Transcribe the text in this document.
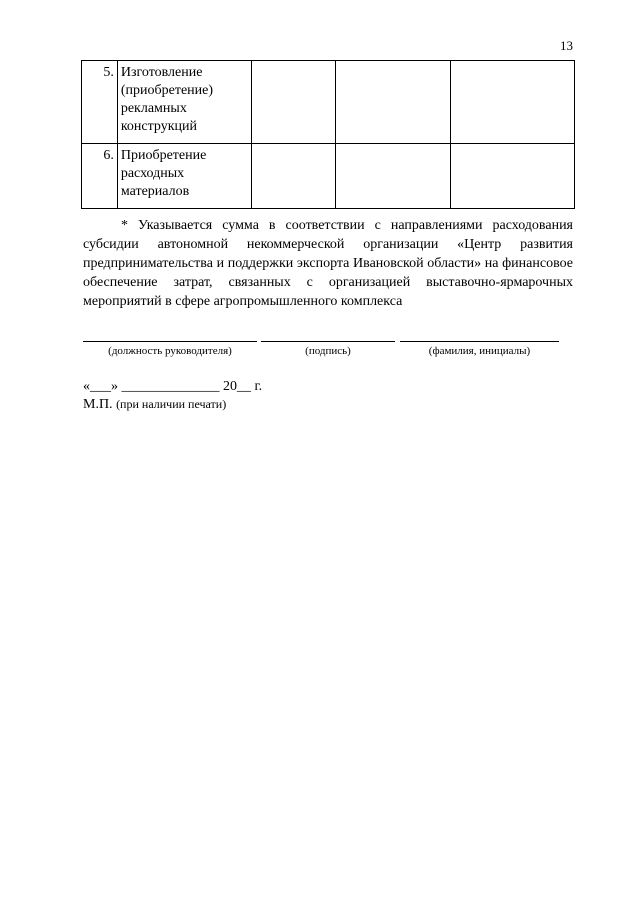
13
5.	Изготовление
(приобретение)
рекламных
конструкций			

6.	Приобретение
расходных
материалов			

* Указывается сумма в соответствии с направлениями расходования субсидии автономной некоммерческой организации «Центр развития предпринимательства и поддержки экспорта Ивановской области» на финансовое обеспечение затрат, связанных с организацией выставочно-ярмарочных мероприятий в сфере агропромышленного комплекса
(должность руководителя)	(подпись)	(фамилия, инициалы)
«___» ______________ 20__ г.
М.П. (при наличии печати)
